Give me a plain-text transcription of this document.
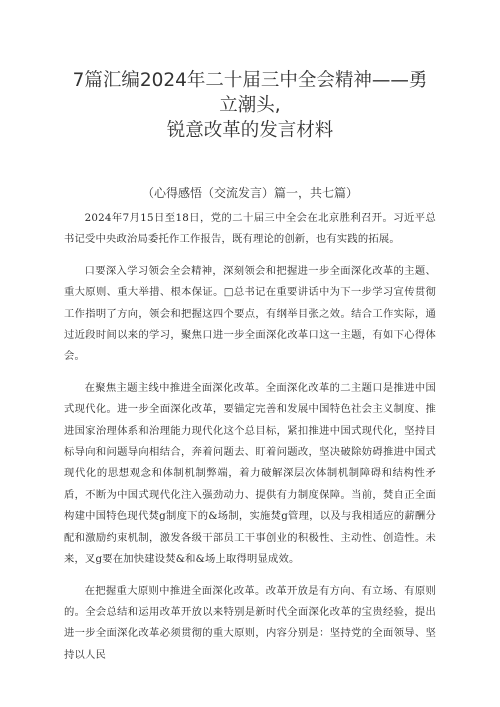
7篇汇编2024年二十届三中全会精神——勇立潮头,
锐意改革的发言材料
（心得感悟（交流发言）篇一，共七篇）

2024年7月15日至18日，党的二十届三中全会在北京胜利召开。习近平总书记受中央政治局委托作工作报告，既有理论的创新，也有实践的拓展。

口要深入学习领会全会精神，深刻领会和把握进一步全面深化改革的主题、重大原则、重大举措、根本保证。□总书记在重要讲话中为下一步学习宣传贯彻工作指明了方向，领会和把握这四个要点，有纲举目张之效。结合工作实际，通过近段时间以来的学习，聚焦口进一步全面深化改革口这一主题，有如下心得体会。

在聚焦主题主线中推进全面深化改革。全面深化改革的二主题口是推进中国式现代化。进一步全面深化改革，要锚定完善和发展中国特色社会主义制度、推进国家治理体系和治理能力现代化这个总目标，紧扣推进中国式现代化，坚持目标导向和问题导向相结合，奔着问题去、盯着问题改，坚决破除妨碍推进中国式现代化的思想观念和体制机制弊端，着力破解深层次体制机制障碍和结构性矛盾，不断为中国式现代化注入强劲动力、提供有力制度保障。当前，焚自正全面构建中国特色现代焚g制度下的&场制，实施焚g管理，以及与我相适应的薪酬分配和激励约束机制，激发各级干部员工干事创业的积极性、主动性、创造性。未来，叉g要在加快建设焚&和&场上取得明显成效。

在把握重大原则中推进全面深化改革。改革开放是有方向、有立场、有原则的。全会总结和运用改革开放以来特别是新时代全面深化改革的宝贵经验，提出进一步全面深化改革必须贯彻的重大原则，内容分别是：坚持党的全面领导、坚持以人民
